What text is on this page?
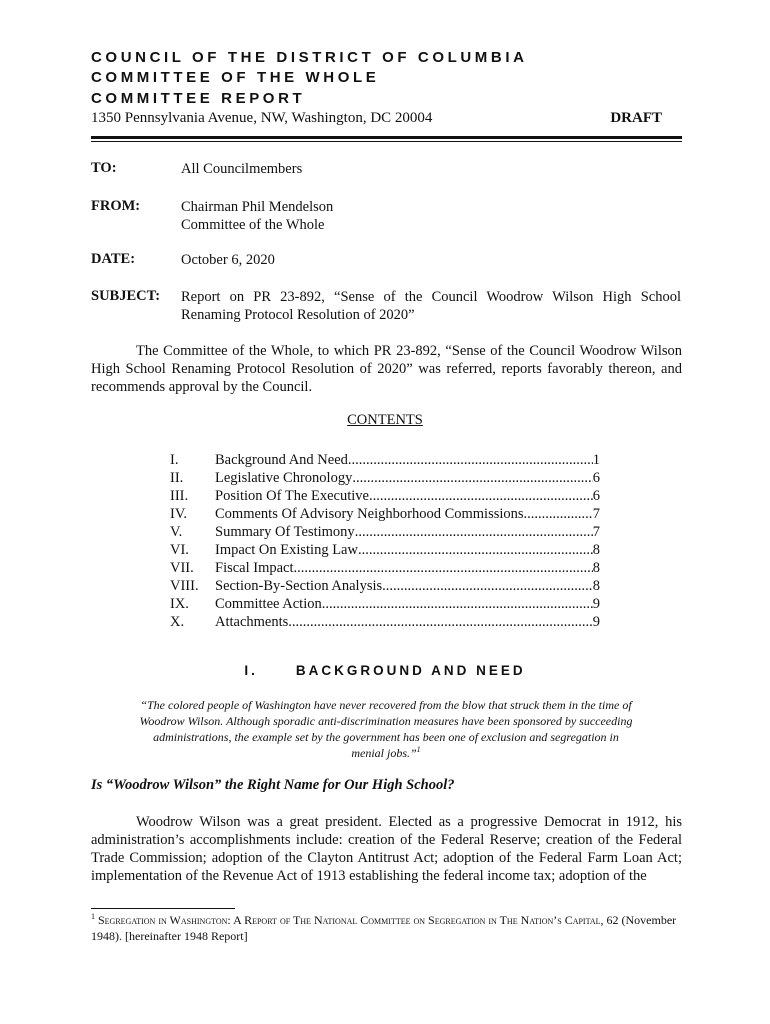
COUNCIL OF THE DISTRICT OF COLUMBIA
COMMITTEE OF THE WHOLE
COMMITTEE REPORT
1350 Pennsylvania Avenue, NW, Washington, DC 20004	DRAFT
TO:	All Councilmembers
FROM:	Chairman Phil Mendelson
Committee of the Whole
DATE:	October 6, 2020
SUBJECT: Report on PR 23-892, “Sense of the Council Woodrow Wilson High School Renaming Protocol Resolution of 2020”
The Committee of the Whole, to which PR 23-892, “Sense of the Council Woodrow Wilson High School Renaming Protocol Resolution of 2020” was referred, reports favorably thereon, and recommends approval by the Council.
CONTENTS
I.	Background And Need .....	1
II.	Legislative Chronology .....	6
III.	Position Of The Executive .....	6
IV.	Comments Of Advisory Neighborhood Commissions .....	7
V.	Summary Of Testimony .....	7
VI.	Impact On Existing Law .....	8
VII.	Fiscal Impact .....	8
VIII.	Section-By-Section Analysis .....	8
IX.	Committee Action .....	9
X.	Attachments .....	9
I.	BACKGROUND AND NEED
“The colored people of Washington have never recovered from the blow that struck them in the time of Woodrow Wilson. Although sporadic anti-discrimination measures have been sponsored by succeeding administrations, the example set by the government has been one of exclusion and segregation in menial jobs.”$^1$
Is “Woodrow Wilson” the Right Name for Our High School?
Woodrow Wilson was a great president. Elected as a progressive Democrat in 1912, his administration’s accomplishments include: creation of the Federal Reserve; creation of the Federal Trade Commission; adoption of the Clayton Antitrust Act; adoption of the Federal Farm Loan Act; implementation of the Revenue Act of 1913 establishing the federal income tax; adoption of the
$^1$ Segregation in Washington: A Report of The National Committee on Segregation in The Nation’s Capital, 62 (November 1948). [hereinafter 1948 Report]
